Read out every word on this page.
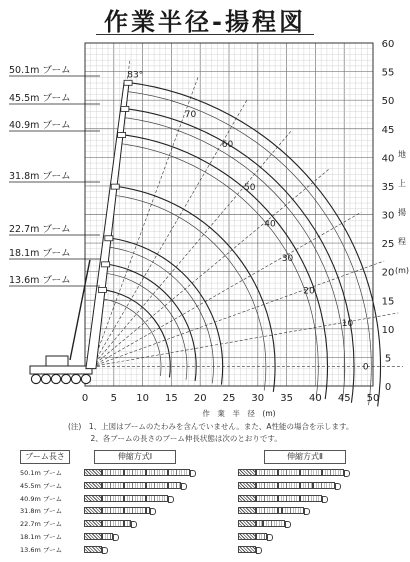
作業半径-揚程図
0 5 10 15 20 25 30 35 40 45 50
作　業　半　径　(m)
0
5
10
15
20
25
30
35
40
45
50
55
60
地
上
揚
程
(m)
83°
70
60
50
40
30
20
10
0
50.1m ブーム
45.5m ブーム
40.9m ブーム
31.8m ブーム
22.7m ブーム
18.1m ブーム
13.6m ブーム
(注)　1、上図はブームのたわみを含んでいません。また、A性能の場合を示します。
　　　2、各ブームの長さのブーム伸長状態は次のとおりです。
ブーム長さ	伸縮方式Ⅰ	伸縮方式Ⅱ
50.1m ブーム
45.5m ブーム
40.9m ブーム
31.8m ブーム
22.7m ブーム
18.1m ブーム
13.6m ブーム
